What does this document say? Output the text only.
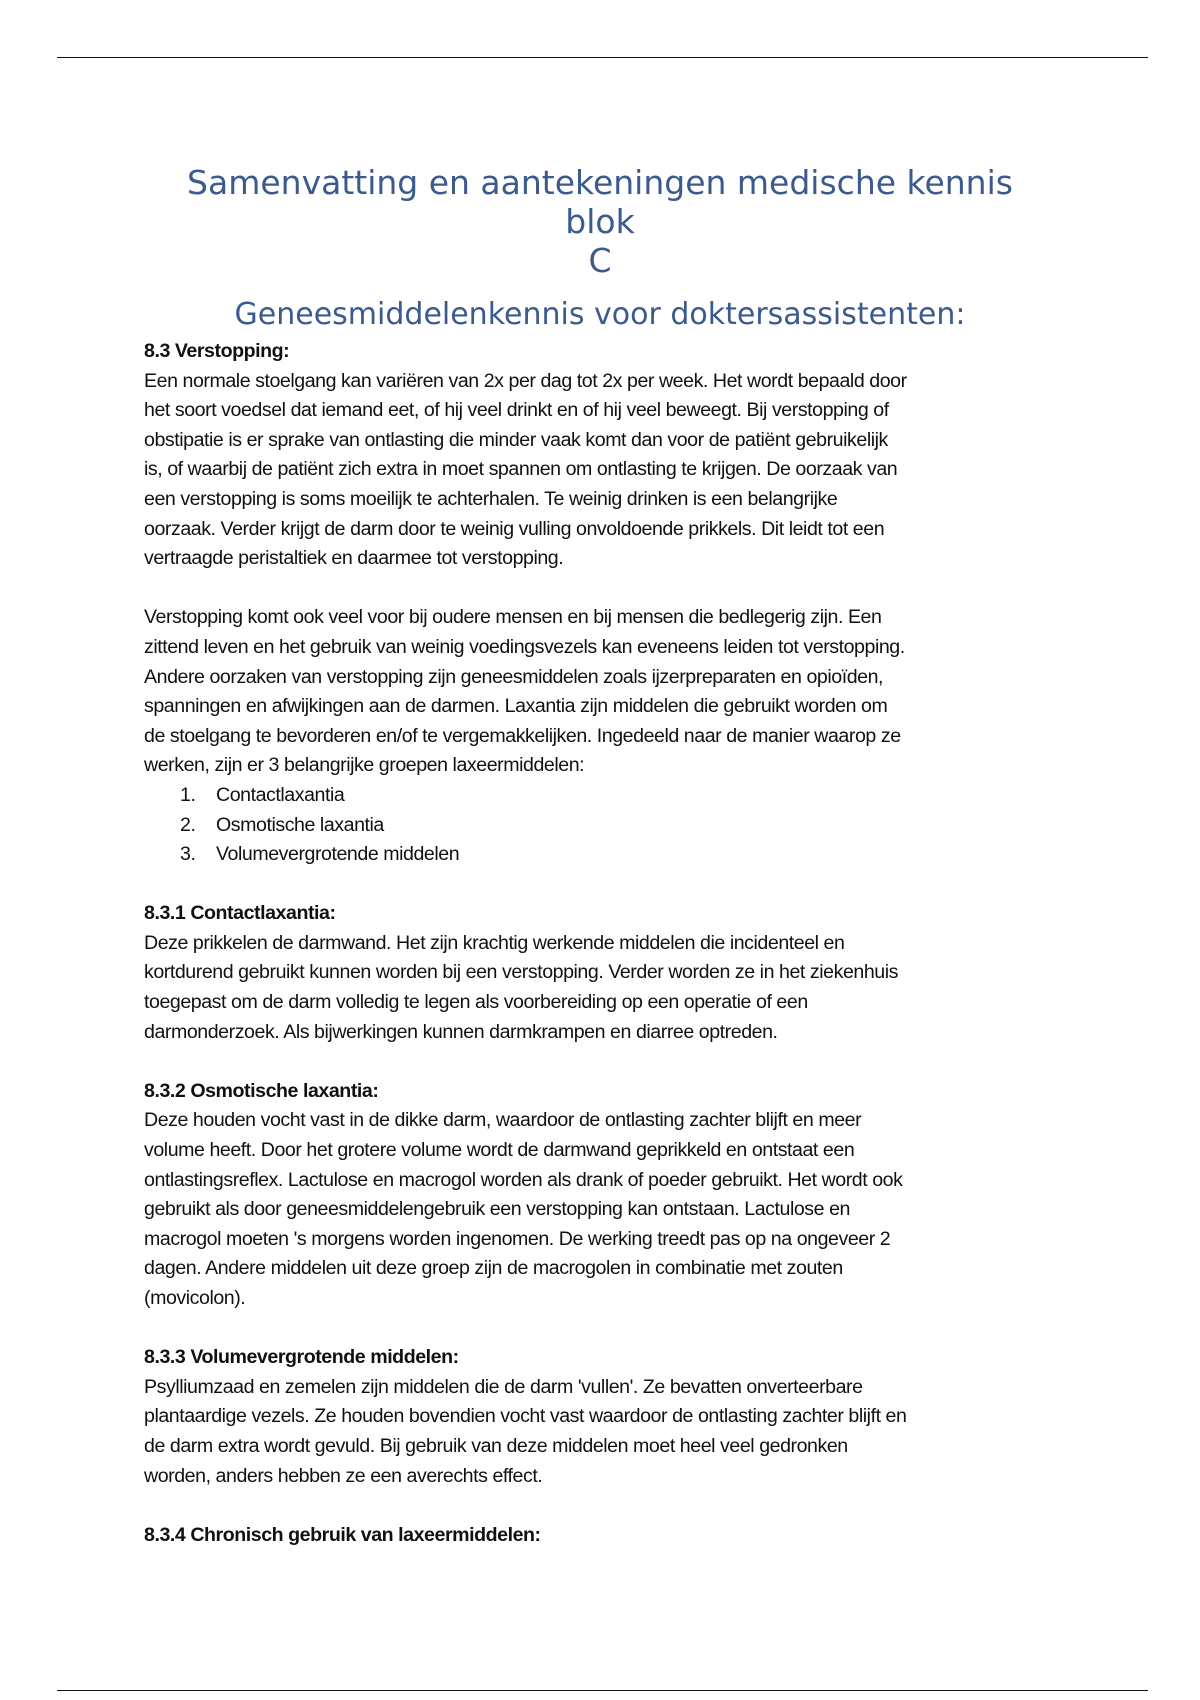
Samenvatting en aantekeningen medische kennis blok
C
Geneesmiddelenkennis voor doktersassistenten:
8.3 Verstopping:
Een normale stoelgang kan variëren van 2x per dag tot 2x per week. Het wordt bepaald door
het soort voedsel dat iemand eet, of hij veel drinkt en of hij veel beweegt. Bij verstopping of
obstipatie is er sprake van ontlasting die minder vaak komt dan voor de patiënt gebruikelijk
is, of waarbij de patiënt zich extra in moet spannen om ontlasting te krijgen. De oorzaak van
een verstopping is soms moeilijk te achterhalen. Te weinig drinken is een belangrijke
oorzaak. Verder krijgt de darm door te weinig vulling onvoldoende prikkels. Dit leidt tot een
vertraagde peristaltiek en daarmee tot verstopping.
Verstopping komt ook veel voor bij oudere mensen en bij mensen die bedlegerig zijn. Een
zittend leven en het gebruik van weinig voedingsvezels kan eveneens leiden tot verstopping.
Andere oorzaken van verstopping zijn geneesmiddelen zoals ijzerpreparaten en opioïden,
spanningen en afwijkingen aan de darmen. Laxantia zijn middelen die gebruikt worden om
de stoelgang te bevorderen en/of te vergemakkelijken. Ingedeeld naar de manier waarop ze
werken, zijn er 3 belangrijke groepen laxeermiddelen:
1. Contactlaxantia
2. Osmotische laxantia
3. Volumevergrotende middelen
8.3.1 Contactlaxantia:
Deze prikkelen de darmwand. Het zijn krachtig werkende middelen die incidenteel en
kortdurend gebruikt kunnen worden bij een verstopping. Verder worden ze in het ziekenhuis
toegepast om de darm volledig te legen als voorbereiding op een operatie of een
darmonderzoek. Als bijwerkingen kunnen darmkrampen en diarree optreden.
8.3.2 Osmotische laxantia:
Deze houden vocht vast in de dikke darm, waardoor de ontlasting zachter blijft en meer
volume heeft. Door het grotere volume wordt de darmwand geprikkeld en ontstaat een
ontlastingsreflex. Lactulose en macrogol worden als drank of poeder gebruikt. Het wordt ook
gebruikt als door geneesmiddelengebruik een verstopping kan ontstaan. Lactulose en
macrogol moeten 's morgens worden ingenomen. De werking treedt pas op na ongeveer 2
dagen. Andere middelen uit deze groep zijn de macrogolen in combinatie met zouten
(movicolon).
8.3.3 Volumevergrotende middelen:
Psylliumzaad en zemelen zijn middelen die de darm 'vullen'. Ze bevatten onverteerbare
plantaardige vezels. Ze houden bovendien vocht vast waardoor de ontlasting zachter blijft en
de darm extra wordt gevuld. Bij gebruik van deze middelen moet heel veel gedronken
worden, anders hebben ze een averechts effect.
8.3.4 Chronisch gebruik van laxeermiddelen:
